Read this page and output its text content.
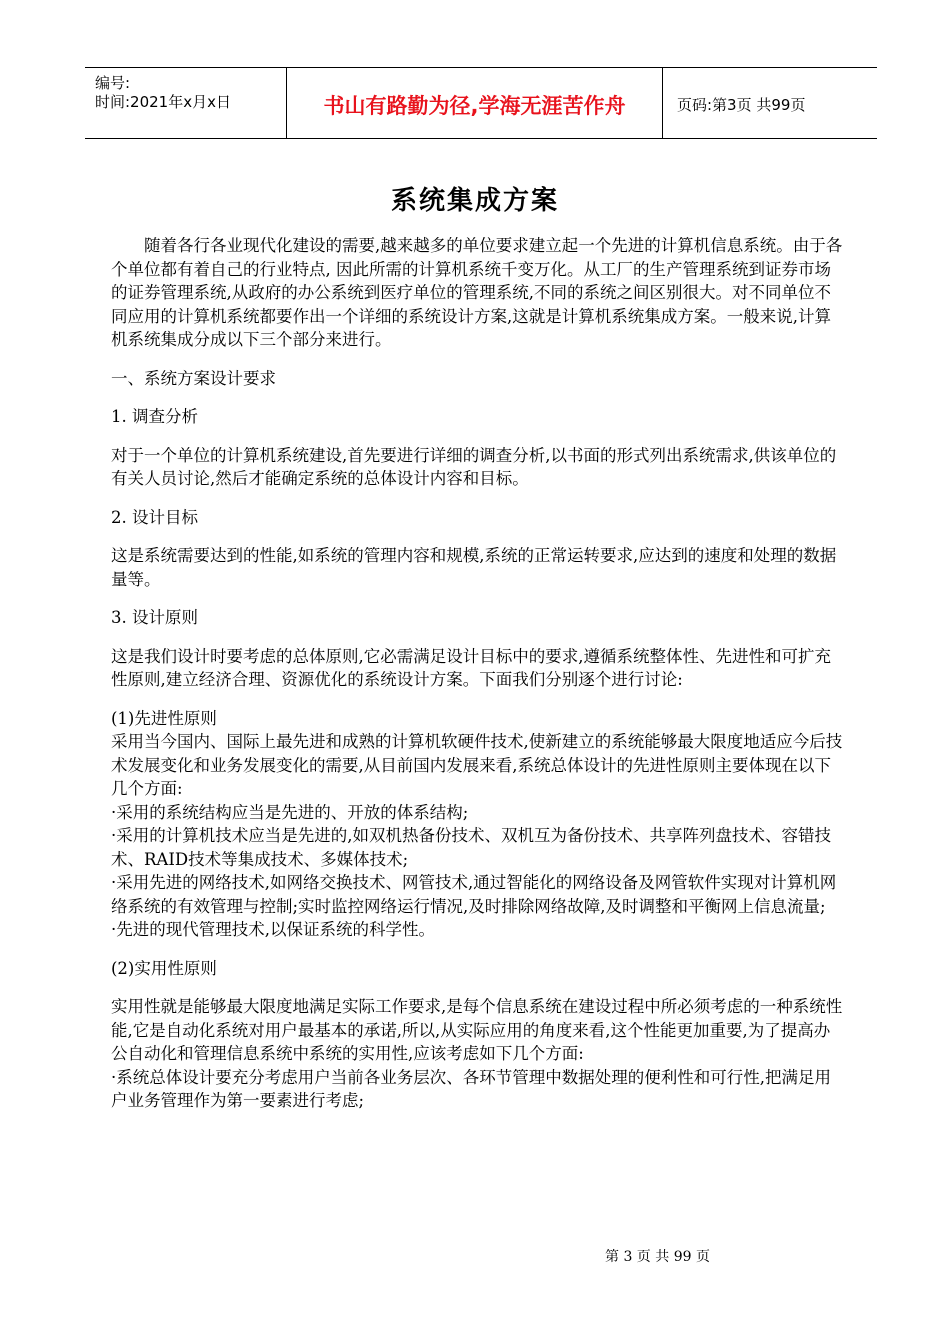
编号:
时间:2021年x月x日	书山有路勤为径,学海无涯苦作舟	页码:第3页 共99页
系统集成方案

随着各行各业现代化建设的需要,越来越多的单位要求建立起一个先进的计算机信息系统。由于各个单位都有着自己的行业特点, 因此所需的计算机系统千变万化。从工厂的生产管理系统到证券市场的证券管理系统,从政府的办公系统到医疗单位的管理系统,不同的系统之间区别很大。对不同单位不同应用的计算机系统都要作出一个详细的系统设计方案,这就是计算机系统集成方案。一般来说,计算机系统集成分成以下三个部分来进行。

一、系统方案设计要求

1. 调查分析

对于一个单位的计算机系统建设,首先要进行详细的调查分析,以书面的形式列出系统需求,供该单位的有关人员讨论,然后才能确定系统的总体设计内容和目标。

2. 设计目标

这是系统需要达到的性能,如系统的管理内容和规模,系统的正常运转要求,应达到的速度和处理的数据量等。

3. 设计原则

这是我们设计时要考虑的总体原则,它必需满足设计目标中的要求,遵循系统整体性、先进性和可扩充性原则,建立经济合理、资源优化的系统设计方案。下面我们分别逐个进行讨论:

(1)先进性原则

采用当今国内、国际上最先进和成熟的计算机软硬件技术,使新建立的系统能够最大限度地适应今后技术发展变化和业务发展变化的需要,从目前国内发展来看,系统总体设计的先进性原则主要体现在以下几个方面:

·采用的系统结构应当是先进的、开放的体系结构;

·采用的计算机技术应当是先进的,如双机热备份技术、双机互为备份技术、共享阵列盘技术、容错技术、RAID技术等集成技术、多媒体技术;

·采用先进的网络技术,如网络交换技术、网管技术,通过智能化的网络设备及网管软件实现对计算机网络系统的有效管理与控制;实时监控网络运行情况,及时排除网络故障,及时调整和平衡网上信息流量;

·先进的现代管理技术,以保证系统的科学性。

(2)实用性原则

实用性就是能够最大限度地满足实际工作要求,是每个信息系统在建设过程中所必须考虑的一种系统性能,它是自动化系统对用户最基本的承诺,所以,从实际应用的角度来看,这个性能更加重要,为了提高办公自动化和管理信息系统中系统的实用性,应该考虑如下几个方面:

·系统总体设计要充分考虑用户当前各业务层次、各环节管理中数据处理的便利性和可行性,把满足用户业务管理作为第一要素进行考虑;

第 3 页 共 99 页
